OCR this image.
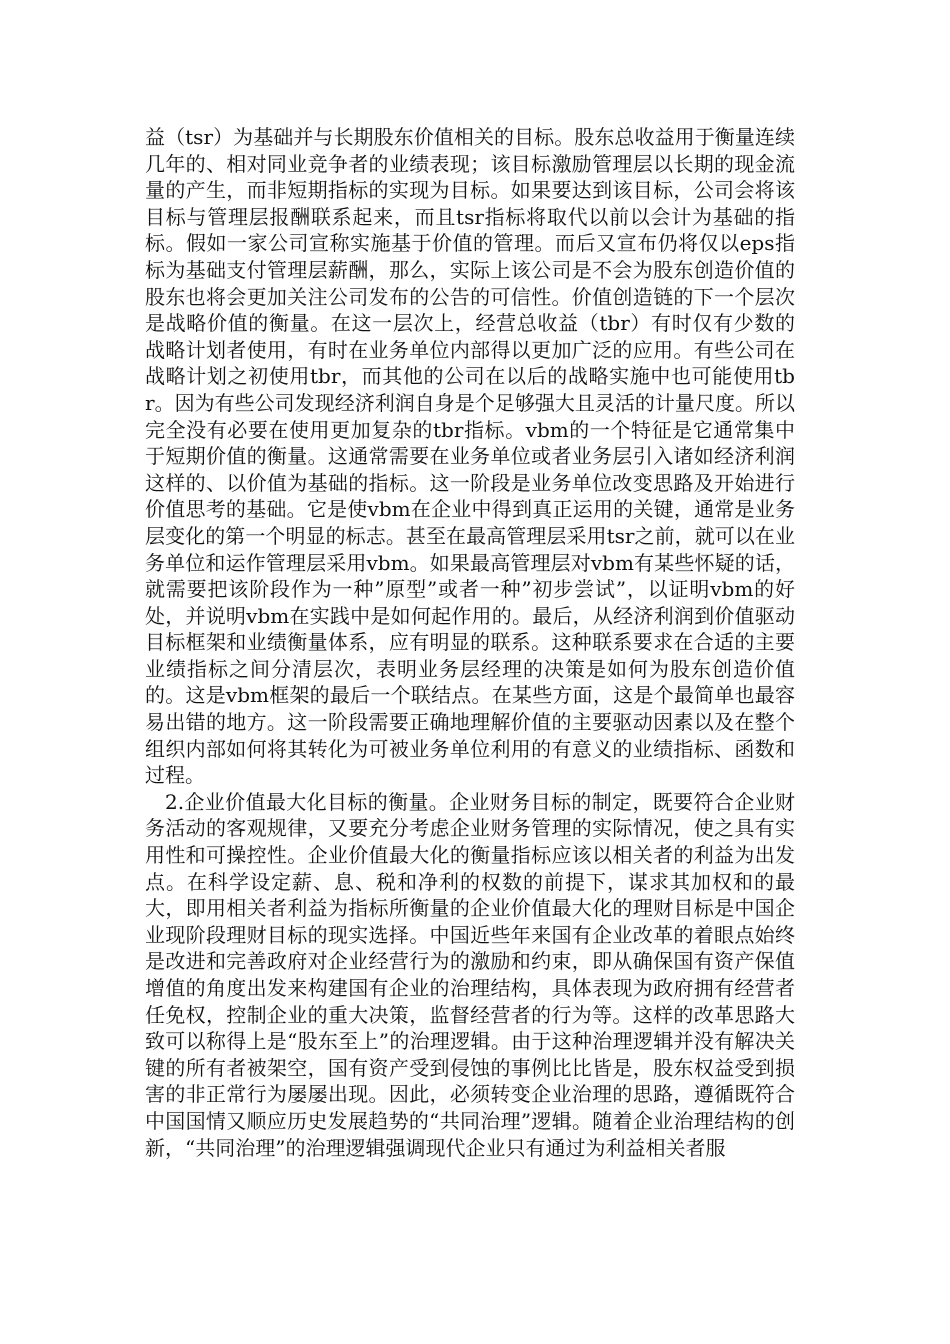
益（tsr）为基础并与长期股东价值相关的目标。股东总收益用于衡量连续几年的、相对同业竞争者的业绩表现；该目标激励管理层以长期的现金流量的产生，而非短期指标的实现为目标。如果要达到该目标，公司会将该目标与管理层报酬联系起来，而且tsr指标将取代以前以会计为基础的指标。假如一家公司宣称实施基于价值的管理。而后又宣布仍将仅以eps指标为基础支付管理层薪酬，那么，实际上该公司是不会为股东创造价值的股东也将会更加关注公司发布的公告的可信性。价值创造链的下一个层次是战略价值的衡量。在这一层次上，经营总收益（tbr）有时仅有少数的战略计划者使用，有时在业务单位内部得以更加广泛的应用。有些公司在战略计划之初使用tbr，而其他的公司在以后的战略实施中也可能使用tbr。因为有些公司发现经济利润自身是个足够强大且灵活的计量尺度。所以完全没有必要在使用更加复杂的tbr指标。vbm的一个特征是它通常集中于短期价值的衡量。这通常需要在业务单位或者业务层引入诸如经济利润这样的、以价值为基础的指标。这一阶段是业务单位改变思路及开始进行价值思考的基础。它是使vbm在企业中得到真正运用的关键，通常是业务层变化的第一个明显的标志。甚至在最高管理层采用tsr之前，就可以在业务单位和运作管理层采用vbm。如果最高管理层对vbm有某些怀疑的话，就需要把该阶段作为一种”原型”或者一种”初步尝试”，以证明vbm的好处，并说明vbm在实践中是如何起作用的。最后，从经济利润到价值驱动目标框架和业绩衡量体系，应有明显的联系。这种联系要求在合适的主要业绩指标之间分清层次，表明业务层经理的决策是如何为股东创造价值的。这是vbm框架的最后一个联结点。在某些方面，这是个最简单也最容易出错的地方。这一阶段需要正确地理解价值的主要驱动因素以及在整个组织内部如何将其转化为可被业务单位利用的有意义的业绩指标、函数和过程。

2.企业价值最大化目标的衡量。企业财务目标的制定，既要符合企业财务活动的客观规律，又要充分考虑企业财务管理的实际情况，使之具有实用性和可操控性。企业价值最大化的衡量指标应该以相关者的利益为出发点。在科学设定薪、息、税和净利的权数的前提下，谋求其加权和的最大，即用相关者利益为指标所衡量的企业价值最大化的理财目标是中国企业现阶段理财目标的现实选择。中国近些年来国有企业改革的着眼点始终是改进和完善政府对企业经营行为的激励和约束，即从确保国有资产保值增值的角度出发来构建国有企业的治理结构，具体表现为政府拥有经营者任免权，控制企业的重大决策，监督经营者的行为等。这样的改革思路大致可以称得上是“股东至上”的治理逻辑。由于这种治理逻辑并没有解决关键的所有者被架空，国有资产受到侵蚀的事例比比皆是，股东权益受到损害的非正常行为屡屡出现。因此，必须转变企业治理的思路，遵循既符合中国国情又顺应历史发展趋势的“共同治理”逻辑。随着企业治理结构的创新，“共同治理”的治理逻辑强调现代企业只有通过为利益相关者服
